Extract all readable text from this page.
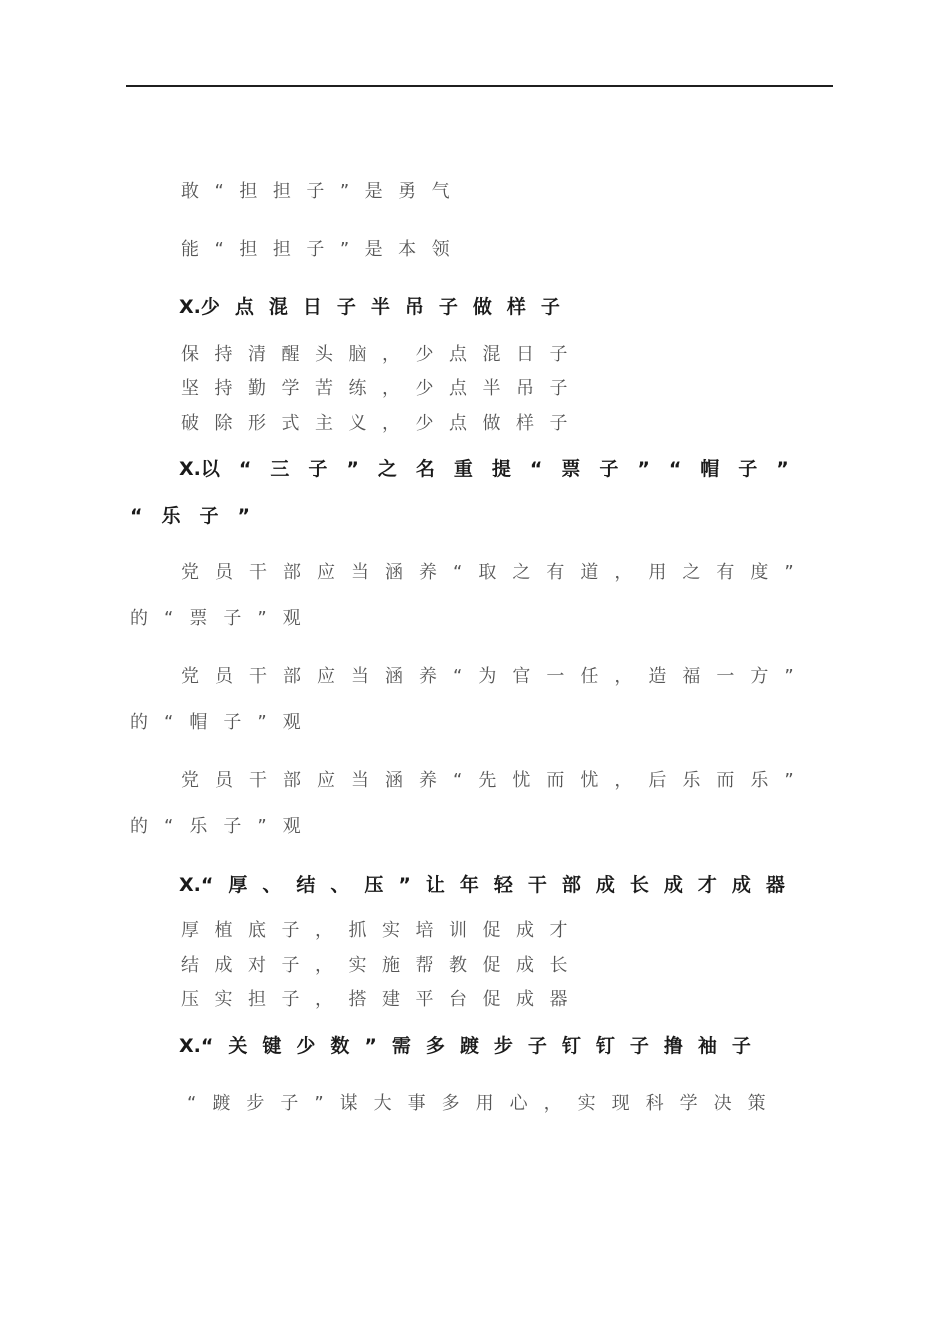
敢“担担子”是勇气
能“担担子”是本领
X.少点混日子半吊子做样子
保持清醒头脑，少点混日子
坚持勤学苦练，少点半吊子
破除形式主义，少点做样子
X.以“三子”之名重提“票子”“帽子”
“乐子”
党员干部应当涵养“取之有道，用之有度”
的“票子”观
党员干部应当涵养“为官一任，造福一方”
的“帽子”观
党员干部应当涵养“先忧而忧，后乐而乐”
的“乐子”观
X.“厚、结、压”让年轻干部成长成才成器
厚植底子，抓实培训促成才
结成对子，实施帮教促成长
压实担子，搭建平台促成器
X.“关键少数”需多踱步子钉钉子撸袖子
“踱步子”谋大事多用心，实现科学决策
